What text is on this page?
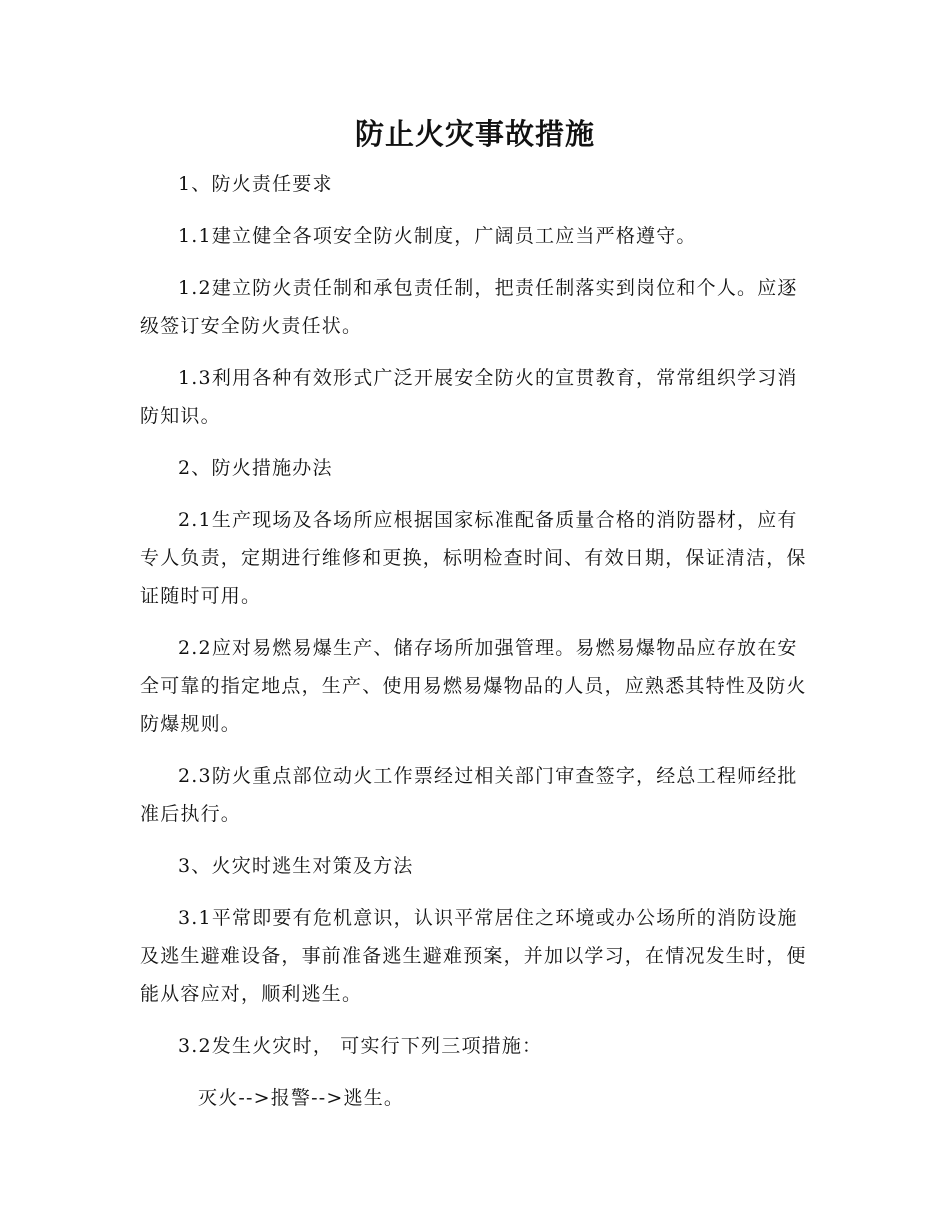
防止火灾事故措施

1、防火责任要求

1.1建立健全各项安全防火制度，广阔员工应当严格遵守。

1.2建立防火责任制和承包责任制，把责任制落实到岗位和个人。应逐级签订安全防火责任状。

1.3利用各种有效形式广泛开展安全防火的宣贯教育，常常组织学习消防知识。

2、防火措施办法

2.1生产现场及各场所应根据国家标准配备质量合格的消防器材，应有专人负责，定期进行维修和更换，标明检查时间、有效日期，保证清洁，保证随时可用。

2.2应对易燃易爆生产、储存场所加强管理。易燃易爆物品应存放在安全可靠的指定地点，生产、使用易燃易爆物品的人员，应熟悉其特性及防火防爆规则。

2.3防火重点部位动火工作票经过相关部门审查签字，经总工程师经批准后执行。

3、火灾时逃生对策及方法

3.1平常即要有危机意识，认识平常居住之环境或办公场所的消防设施及逃生避难设备，事前准备逃生避难预案，并加以学习，在情况发生时，便能从容应对，顺利逃生。

3.2发生火灾时， 可实行下列三项措施：

灭火-->报警-->逃生。
